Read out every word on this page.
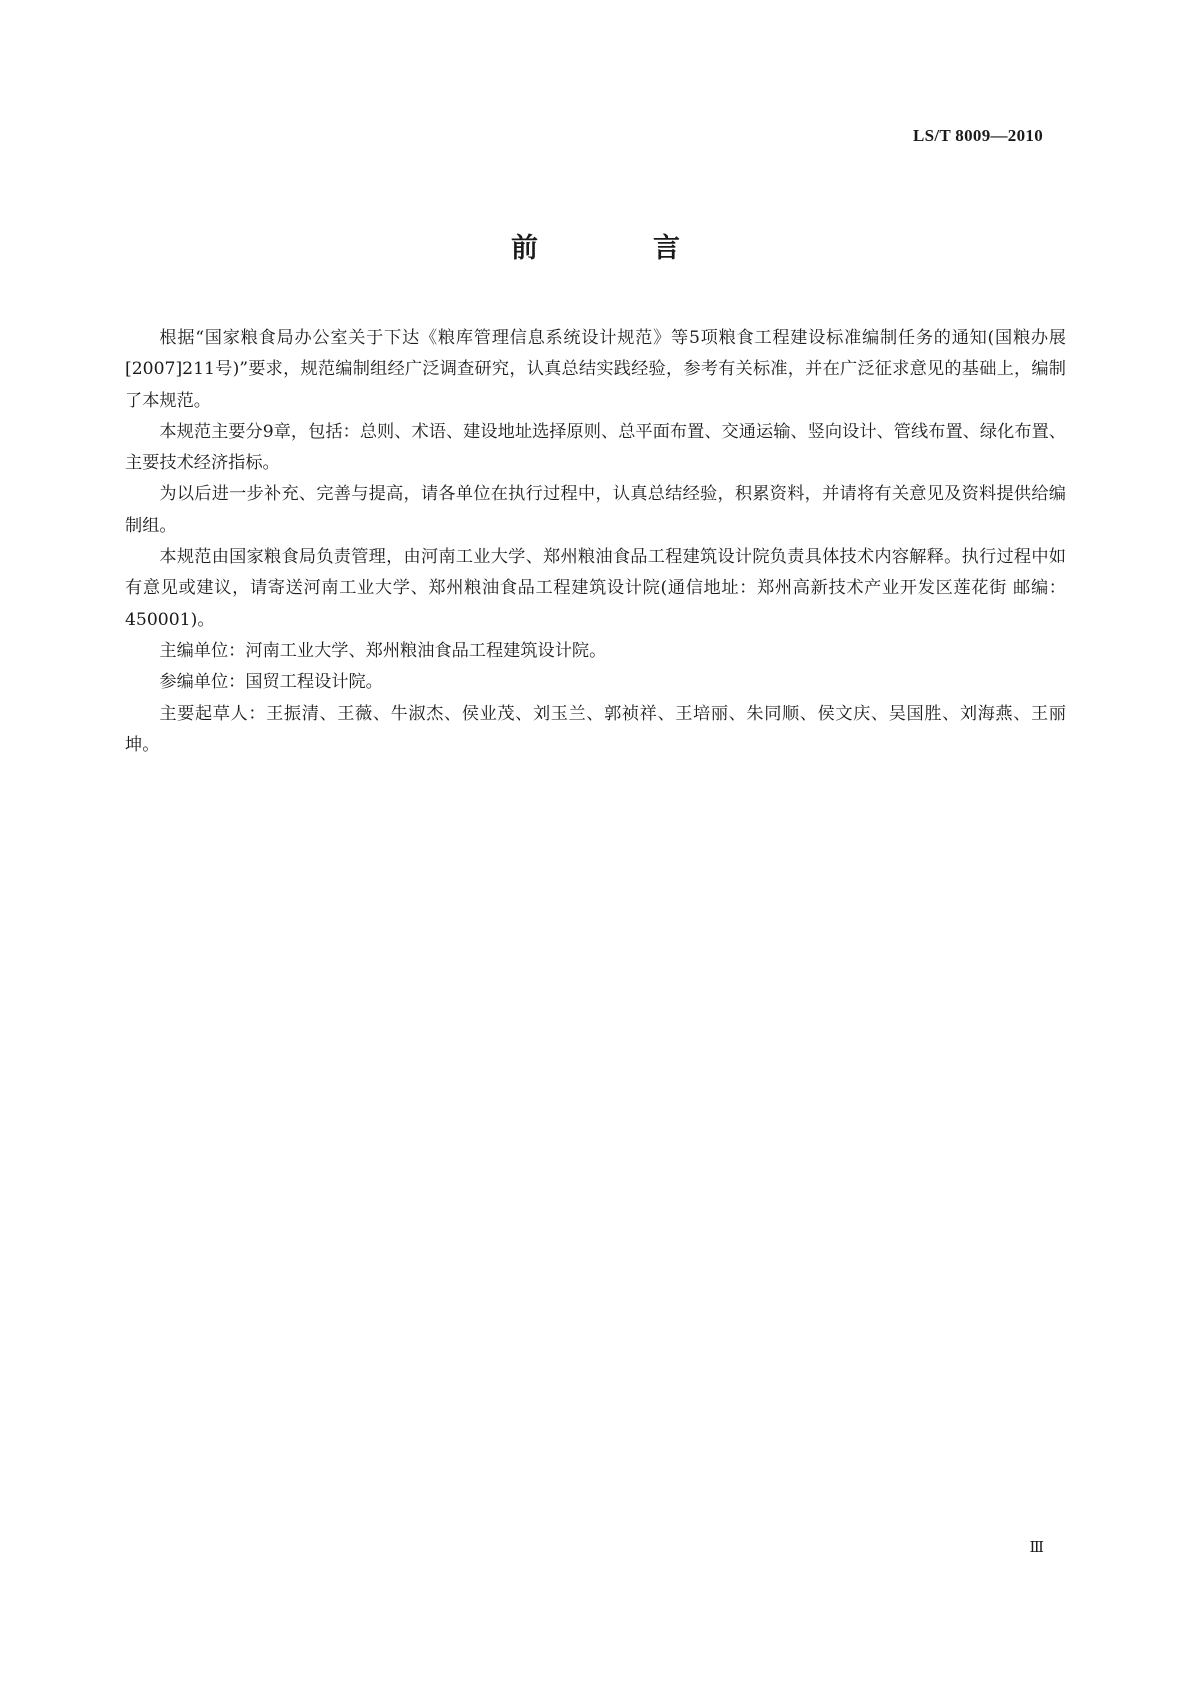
LS/T 8009—2010
前　言

根据“国家粮食局办公室关于下达《粮库管理信息系统设计规范》等5项粮食工程建设标准编制任务的通知(国粮办展[2007]211号)”要求，规范编制组经广泛调查研究，认真总结实践经验，参考有关标准，并在广泛征求意见的基础上，编制了本规范。

本规范主要分9章，包括：总则、术语、建设地址选择原则、总平面布置、交通运输、竖向设计、管线布置、绿化布置、主要技术经济指标。

为以后进一步补充、完善与提高，请各单位在执行过程中，认真总结经验，积累资料，并请将有关意见及资料提供给编制组。

本规范由国家粮食局负责管理，由河南工业大学、郑州粮油食品工程建筑设计院负责具体技术内容解释。执行过程中如有意见或建议，请寄送河南工业大学、郑州粮油食品工程建筑设计院(通信地址：郑州高新技术产业开发区莲花街 邮编：450001)。

主编单位：河南工业大学、郑州粮油食品工程建筑设计院。

参编单位：国贸工程设计院。

主要起草人：王振清、王薇、牛淑杰、侯业茂、刘玉兰、郭祯祥、王培丽、朱同顺、侯文庆、吴国胜、刘海燕、王丽坤。

Ⅲ
